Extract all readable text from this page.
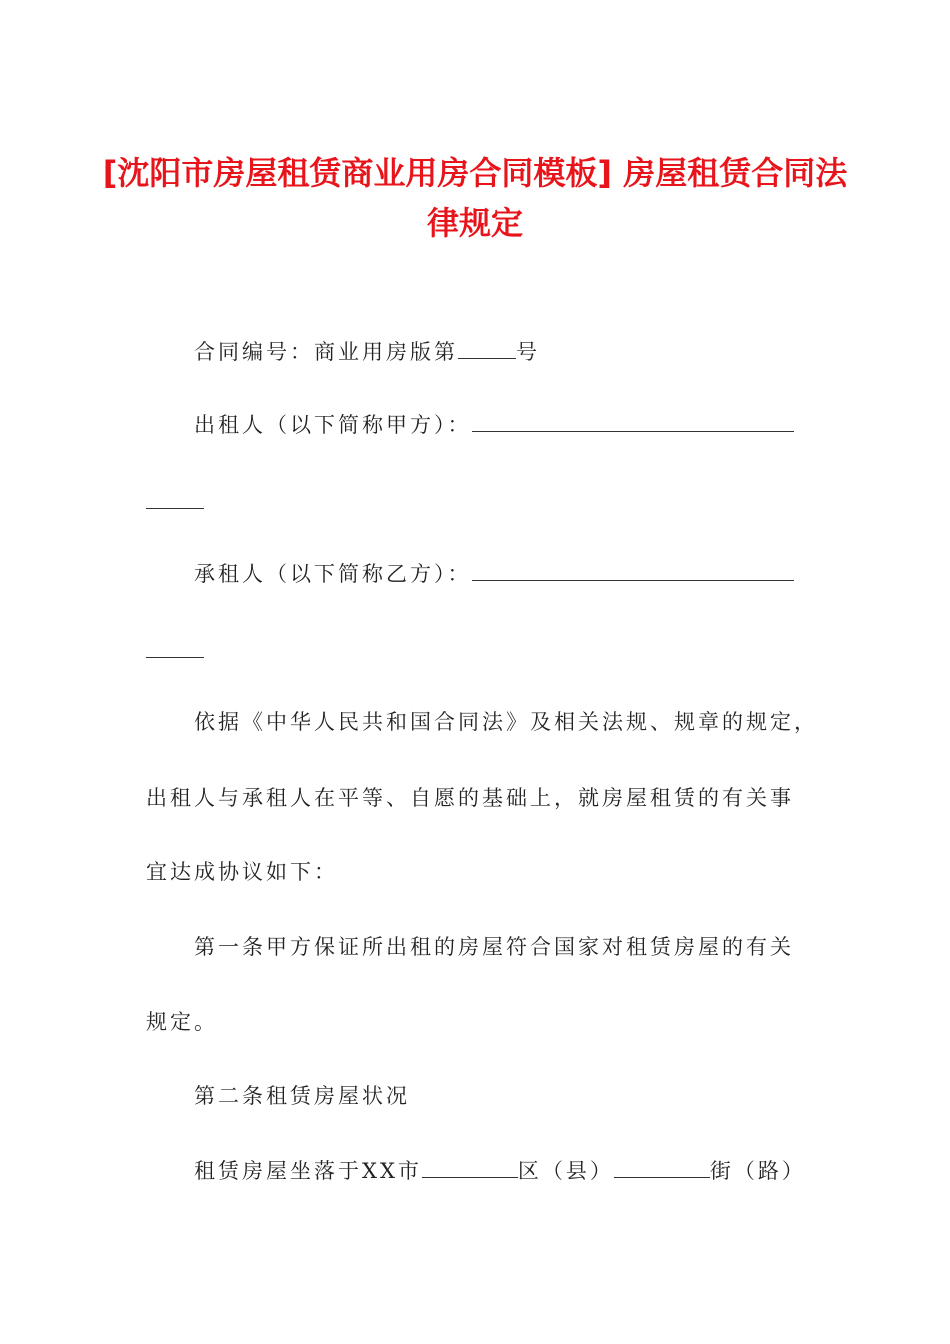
[沈阳市房屋租赁商业用房合同模板] 房屋租赁合同法律规定
合同编号：商业用房版第	号
出租人（以下简称甲方）：
承租人（以下简称乙方）：
依据《中华人民共和国合同法》及相关法规、规章的规定，
出租人与承租人在平等、自愿的基础上，就房屋租赁的有关事
宜达成协议如下：
第一条甲方保证所出租的房屋符合国家对租赁房屋的有关
规定。
第二条租赁房屋状况
租赁房屋坐落于XX市	区（县）	街（路）
